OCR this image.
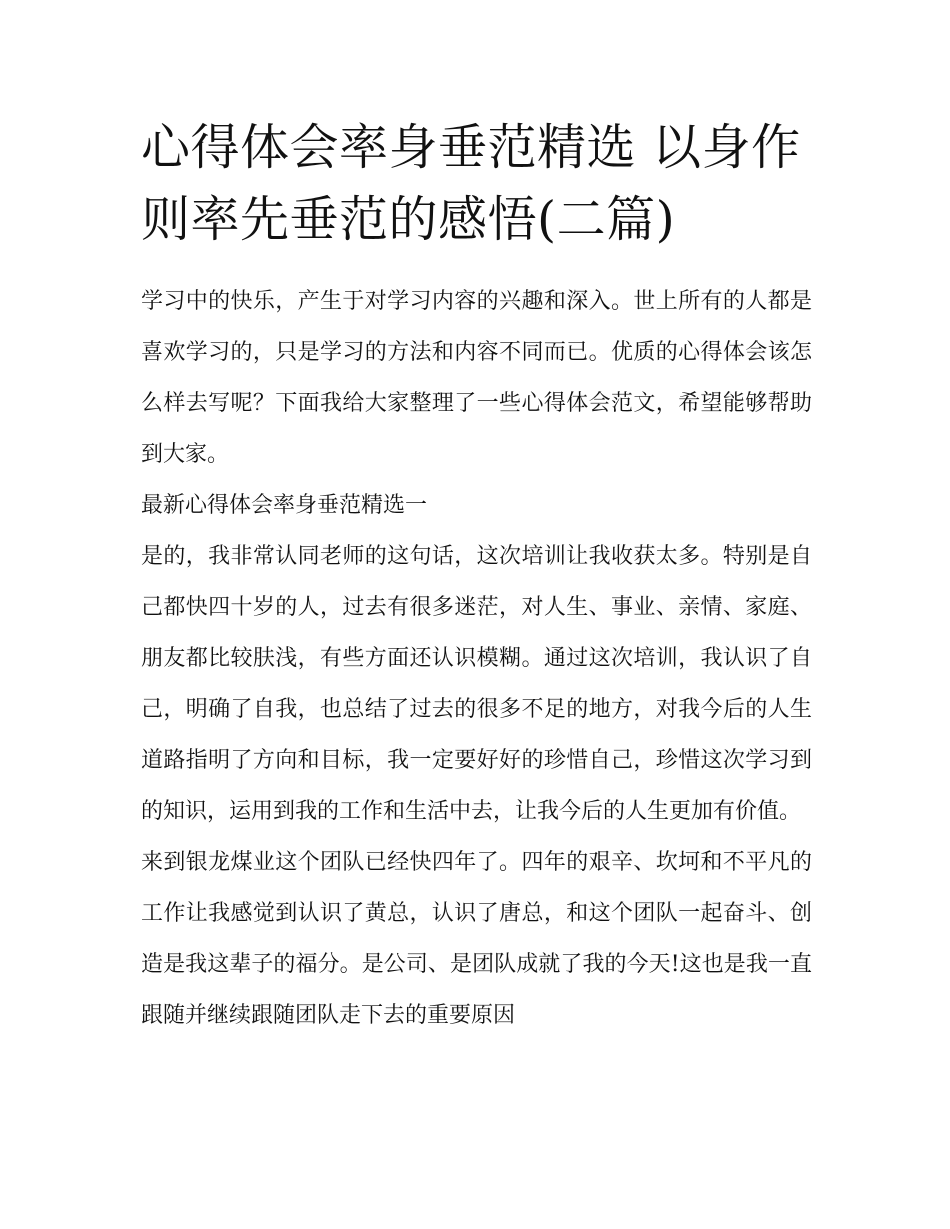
心得体会率身垂范精选 以身作则率先垂范的感悟(二篇)

学习中的快乐，产生于对学习内容的兴趣和深入。世上所有的人都是喜欢学习的，只是学习的方法和内容不同而已。优质的心得体会该怎么样去写呢？下面我给大家整理了一些心得体会范文，希望能够帮助到大家。

最新心得体会率身垂范精选一

是的，我非常认同老师的这句话，这次培训让我收获太多。特别是自己都快四十岁的人，过去有很多迷茫，对人生、事业、亲情、家庭、朋友都比较肤浅，有些方面还认识模糊。通过这次培训，我认识了自己，明确了自我，也总结了过去的很多不足的地方，对我今后的人生道路指明了方向和目标，我一定要好好的珍惜自己，珍惜这次学习到的知识，运用到我的工作和生活中去，让我今后的人生更加有价值。

来到银龙煤业这个团队已经快四年了。四年的艰辛、坎坷和不平凡的工作让我感觉到认识了黄总，认识了唐总，和这个团队一起奋斗、创造是我这辈子的福分。是公司、是团队成就了我的今天!这也是我一直跟随并继续跟随团队走下去的重要原因
